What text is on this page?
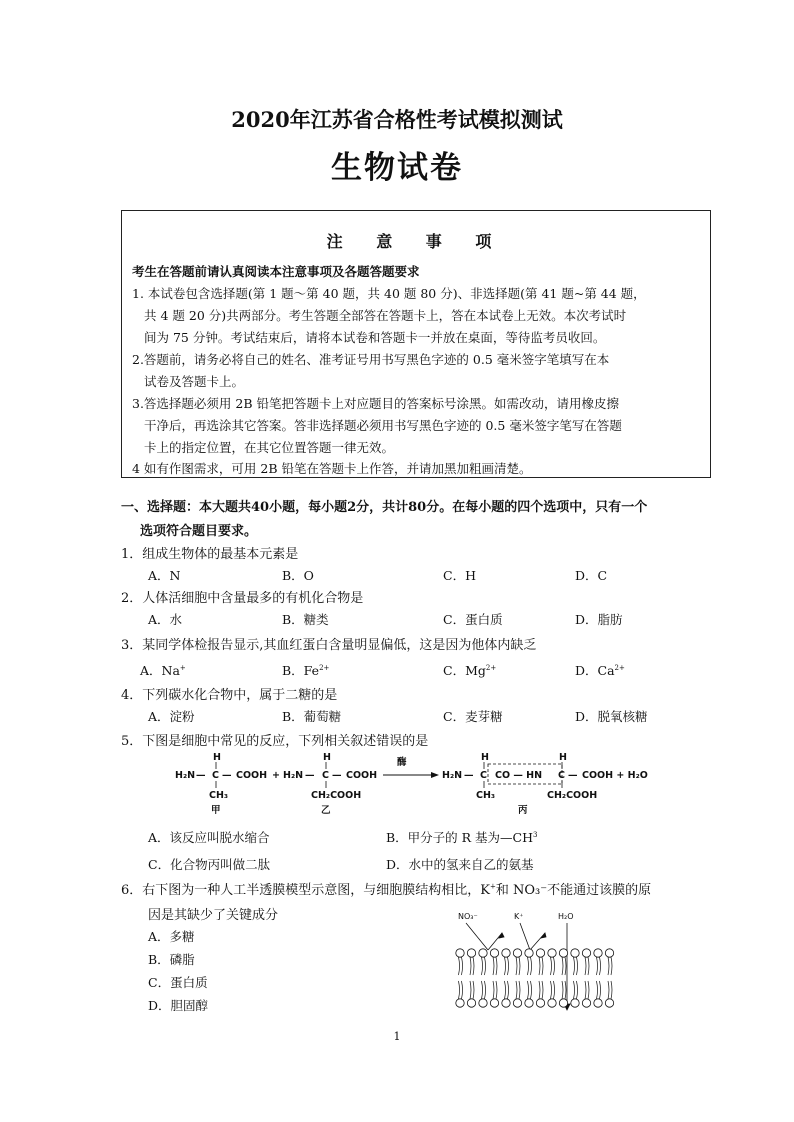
2020年江苏省合格性考试模拟测试
生物试卷
注 意 事 项
考生在答题前请认真阅读本注意事项及各题答题要求
1. 本试卷包含选择题(第 1 题～第 40 题，共 40 题 80 分)、非选择题(第 41 题~第 44 题，
共 4 题 20 分)共两部分。考生答题全部答在答题卡上，答在本试卷上无效。本次考试时
间为 75 分钟。考试结束后，请将本试卷和答题卡一并放在桌面，等待监考员收回。
2.答题前，请务必将自己的姓名、准考证号用书写黑色字迹的 0.5 毫米签字笔填写在本
试卷及答题卡上。
3.答选择题必须用 2B 铅笔把答题卡上对应题目的答案标号涂黑。如需改动，请用橡皮擦
干净后，再选涂其它答案。答非选择题必须用书写黑色字迹的 0.5 毫米签字笔写在答题
卡上的指定位置，在其它位置答题一律无效。
4 如有作图需求，可用 2B 铅笔在答题卡上作答，并请加黑加粗画清楚。
一、选择题：本大题共40小题，每小题2分，共计80分。在每小题的四个选项中，只有一个
选项符合题目要求。
1．组成生物体的最基本元素是
A．N	B．O	C．H	D．C
2．人体活细胞中含量最多的有机化合物是
A．水	B．糖类	C．蛋白质	D．脂肪
3．某同学体检报告显示,其血红蛋白含量明显偏低，这是因为他体内缺乏
A．Na+	B．$Fe^{2+}$	C．$Mg^{2+}$	D．$Ca^{2+}$
4．下列碳水化合物中，属于二糖的是
A．淀粉	B．葡萄糖	C．麦芽糖	D．脱氧核糖
5．下图是细胞中常见的反应，下列相关叙述错误的是
H
H₂N — C — COOH
CH₃
甲
+
H
H₂N — C — COOH
CH₂COOH
乙
酶
H₂N —
H
C CO — HN
H
C — COOH + H₂O
CH₃	CH₂COOH
丙
A．该反应叫脱水缩合	B．甲分子的 R 基为$—CH^3$
C．化合物丙叫做二肽	D．水中的氢来自乙的氨基
6．右下图为一种人工半透膜模型示意图，与细胞膜结构相比，K+和 NO₃⁻不能通过该膜的原
因是其缺少了关键成分
A．多糖
B．磷脂
C．蛋白质
D．胆固醇
NO₃⁻	K⁺	H₂O
1
